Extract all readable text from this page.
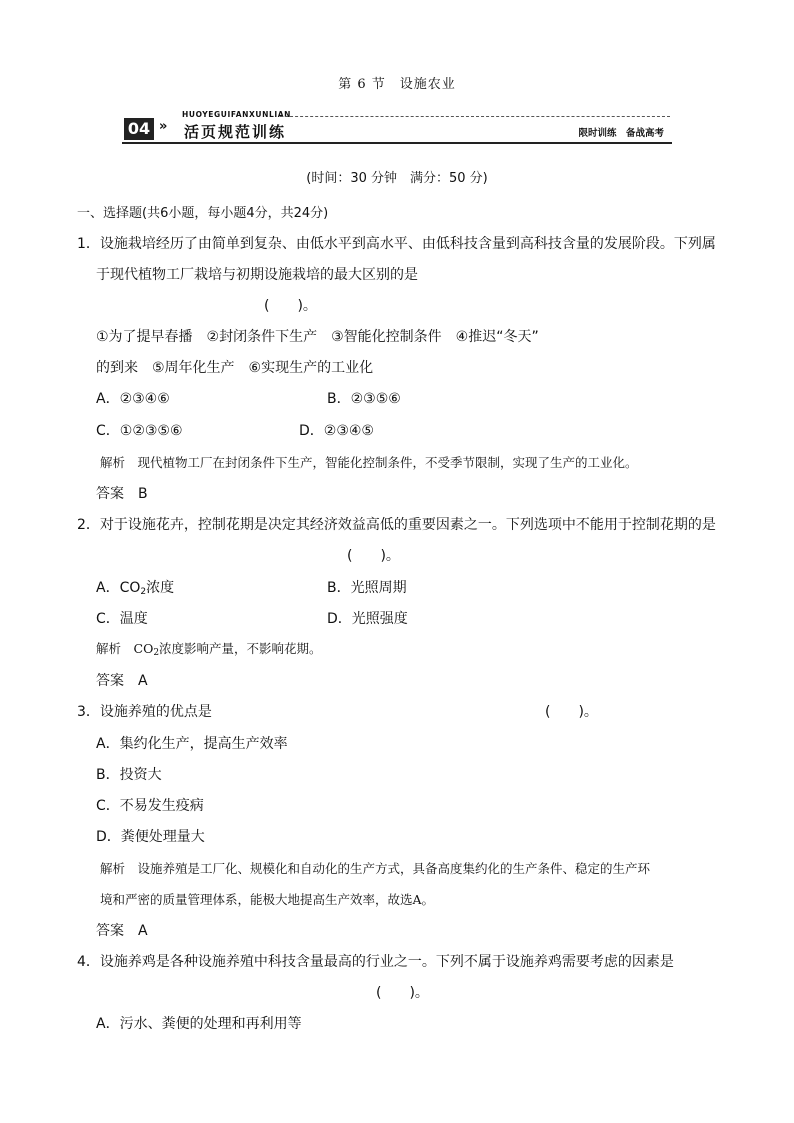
第 6 节　设施农业
HUOYEGUIFANXUNLIAN
04 » 活页规范训练	限时训练　备战高考
(时间：30 分钟　满分：50 分)
一、选择题(共6小题，每小题4分，共24分)
1．设施栽培经历了由简单到复杂、由低水平到高水平、由低科技含量到高科技含量的发展阶段。下列属
于现代植物工厂栽培与初期设施栽培的最大区别的是
(　　)。
①为了提早春播　②封闭条件下生产　③智能化控制条件　④推迟“冬天”
的到来　⑤周年化生产　⑥实现生产的工业化
A．②③④⑥	B．②③⑤⑥
C．①②③⑤⑥	D．②③④⑤
解析　现代植物工厂在封闭条件下生产，智能化控制条件，不受季节限制，实现了生产的工业化。
答案　B
2．对于设施花卉，控制花期是决定其经济效益高低的重要因素之一。下列选项中不能用于控制花期的是
(　　)。
A．$CO_2$浓度	B．光照周期
C．温度	D．光照强度
解析　$CO_2$浓度影响产量，不影响花期。
答案　A
3．设施养殖的优点是	(　　)。
A．集约化生产，提高生产效率
B．投资大
C．不易发生疫病
D．粪便处理量大
解析　设施养殖是工厂化、规模化和自动化的生产方式，具备高度集约化的生产条件、稳定的生产环
境和严密的质量管理体系，能极大地提高生产效率，故选A。
答案　A
4．设施养鸡是各种设施养殖中科技含量最高的行业之一。下列不属于设施养鸡需要考虑的因素是
(　　)。
A．污水、粪便的处理和再利用等
